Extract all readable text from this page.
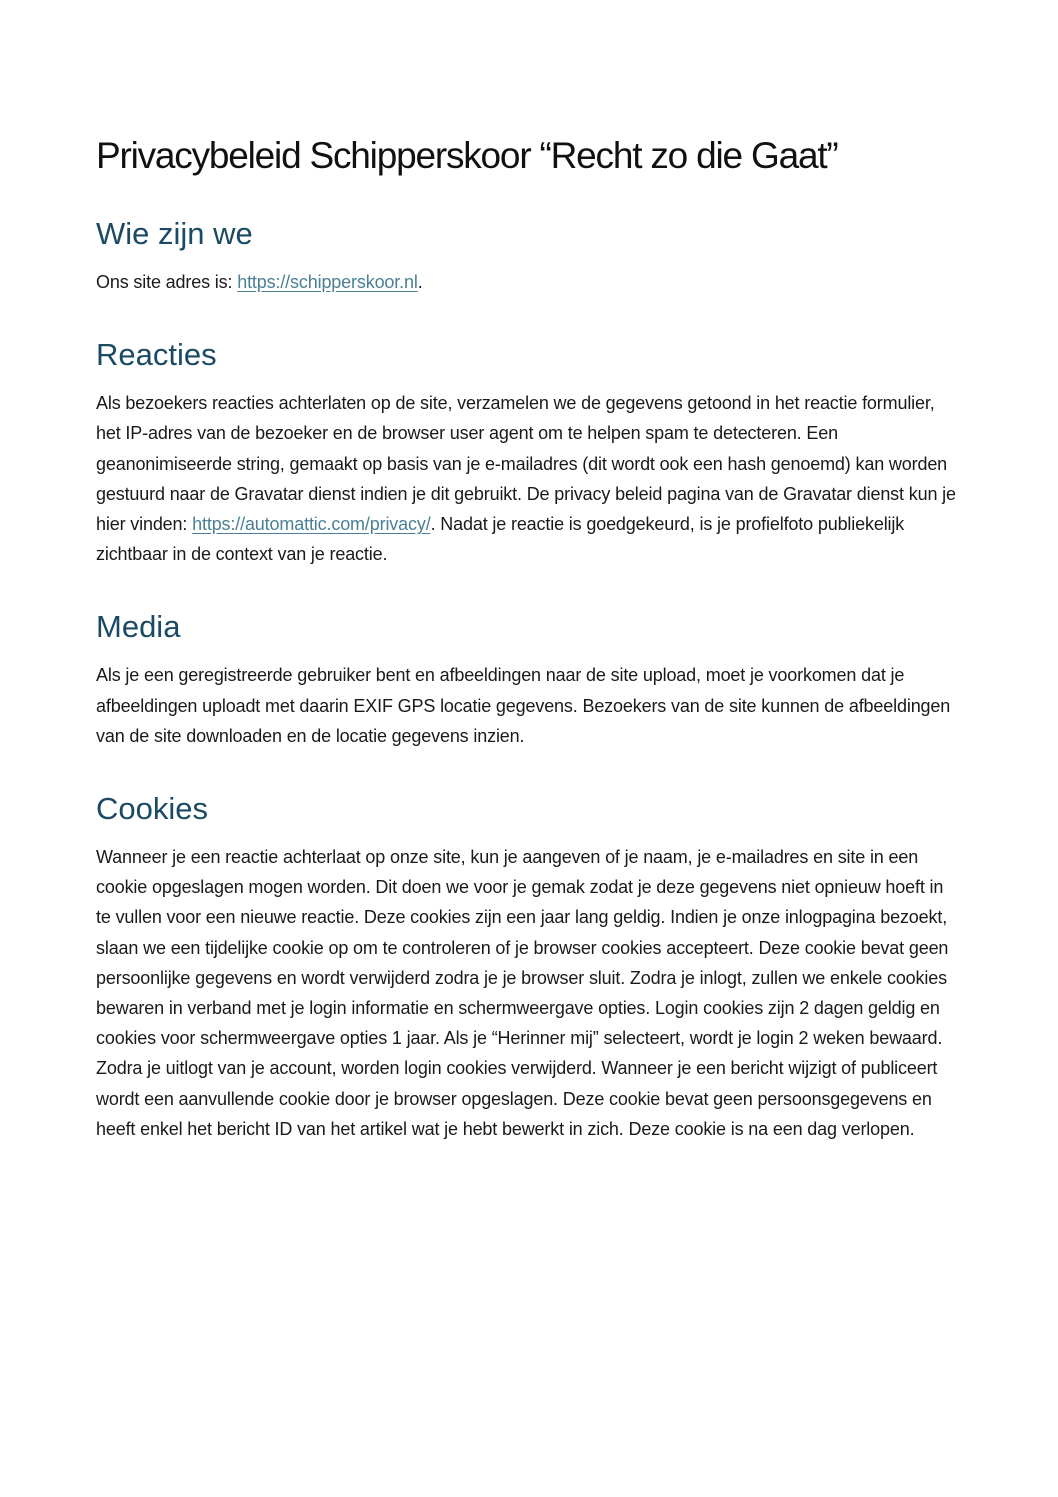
Privacybeleid Schipperskoor “Recht zo die Gaat”
Wie zijn we

Ons site adres is: https://schipperskoor.nl.

Reacties

Als bezoekers reacties achterlaten op de site, verzamelen we de gegevens getoond in het reactie formulier, het IP-adres van de bezoeker en de browser user agent om te helpen spam te detecteren. Een geanonimiseerde string, gemaakt op basis van je e-mailadres (dit wordt ook een hash genoemd) kan worden gestuurd naar de Gravatar dienst indien je dit gebruikt. De privacy beleid pagina van de Gravatar dienst kun je hier vinden: https://automattic.com/privacy/. Nadat je reactie is goedgekeurd, is je profielfoto publiekelijk zichtbaar in de context van je reactie.

Media

Als je een geregistreerde gebruiker bent en afbeeldingen naar de site upload, moet je voorkomen dat je afbeeldingen uploadt met daarin EXIF GPS locatie gegevens. Bezoekers van de site kunnen de afbeeldingen van de site downloaden en de locatie gegevens inzien.

Cookies

Wanneer je een reactie achterlaat op onze site, kun je aangeven of je naam, je e-mailadres en site in een cookie opgeslagen mogen worden. Dit doen we voor je gemak zodat je deze gegevens niet opnieuw hoeft in te vullen voor een nieuwe reactie. Deze cookies zijn een jaar lang geldig. Indien je onze inlogpagina bezoekt, slaan we een tijdelijke cookie op om te controleren of je browser cookies accepteert. Deze cookie bevat geen persoonlijke gegevens en wordt verwijderd zodra je je browser sluit. Zodra je inlogt, zullen we enkele cookies bewaren in verband met je login informatie en schermweergave opties. Login cookies zijn 2 dagen geldig en cookies voor schermweergave opties 1 jaar. Als je “Herinner mij” selecteert, wordt je login 2 weken bewaard. Zodra je uitlogt van je account, worden login cookies verwijderd. Wanneer je een bericht wijzigt of publiceert wordt een aanvullende cookie door je browser opgeslagen. Deze cookie bevat geen persoonsgegevens en heeft enkel het bericht ID van het artikel wat je hebt bewerkt in zich. Deze cookie is na een dag verlopen.
